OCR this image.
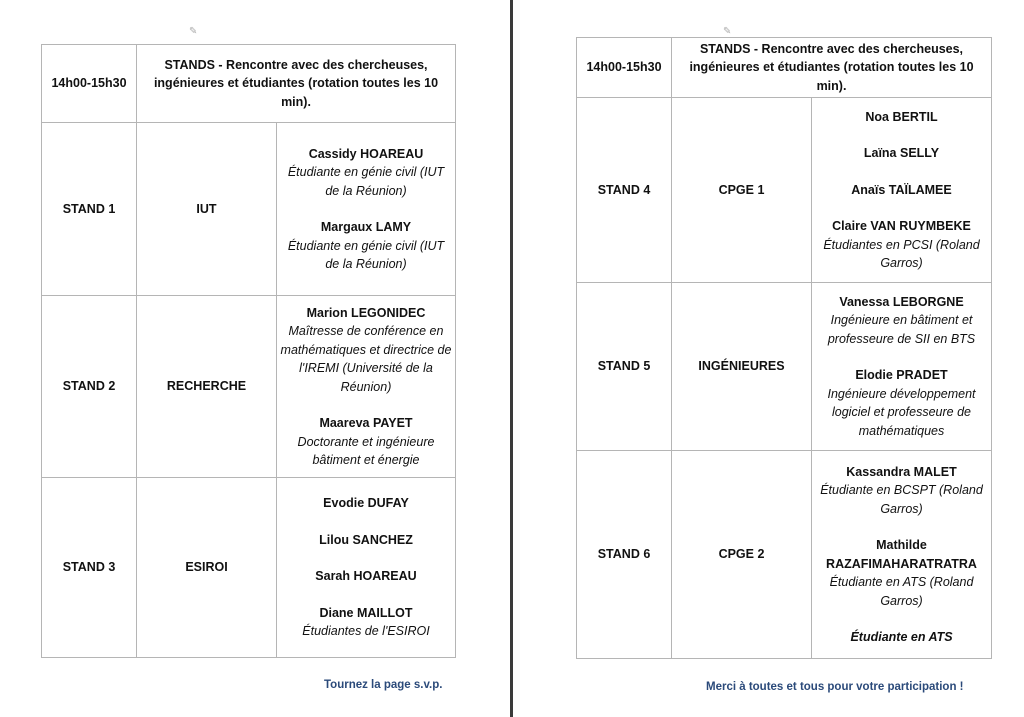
✎
14h00-15h30	STANDS - Rencontre avec des chercheuses, ingénieures et étudiantes (rotation toutes les 10 min).	
STAND 1	IUT	Cassidy HOAREAU
Étudiante en génie civil (IUT de la Réunion)
Margaux LAMY
Étudiante en génie civil (IUT de la Réunion)

STAND 2	RECHERCHE	Marion LEGONIDEC
Maîtresse de conférence en mathématiques et directrice de l'IREMI (Université de la Réunion)
Maareva PAYET
Doctorante et ingénieure bâtiment et énergie

STAND 3	ESIROI	Evodie DUFAY
Lilou SANCHEZ
Sarah HOAREAU
Diane MAILLOT
Étudiantes de l'ESIROI
Tournez la page s.v.p.
✎
14h00-15h30	STANDS - Rencontre avec des chercheuses, ingénieures et étudiantes (rotation toutes les 10 min).	
STAND 4	CPGE 1	Noa BERTIL
Laïna SELLY
Anaïs TAÏLAMEE
Claire VAN RUYMBEKE
Étudiantes en PCSI (Roland Garros)

STAND 5	INGÉNIEURES	Vanessa LEBORGNE
Ingénieure en bâtiment et professeure de SII en BTS
Elodie PRADET
Ingénieure développement logiciel et professeure de mathématiques

STAND 6	CPGE 2	Kassandra MALET
Étudiante en BCSPT (Roland Garros)
Mathilde RAZAFIMAHARATRATRA
Étudiante en ATS (Roland Garros)
Étudiante en ATS
Merci à toutes et tous pour votre participation !
